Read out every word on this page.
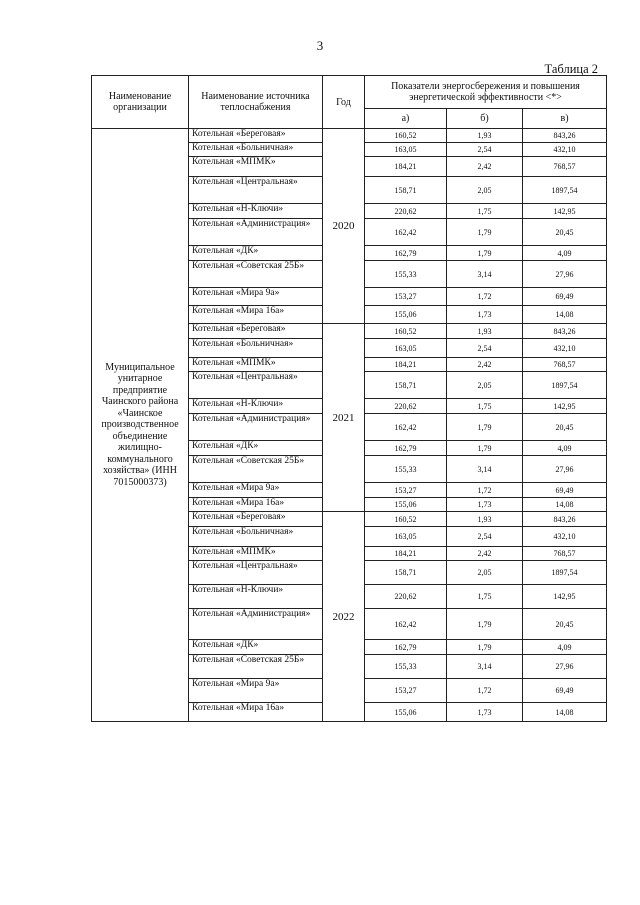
3
Таблица 2
Наименование организации	Наименование источника теплоснабжения	Год	Показатели энергосбережения и повышения энергетической эффективности <*>		
			а)	б)	в)
Муниципальное унитарное предприятие Чаинского района «Чаинское производственное объединение жилищно-коммунального хозяйства» (ИНН 7015000373)	Котельная «Береговая»	2020	160,52	1,93	843,26
	Котельная «Больничная»		163,05	2,54	432,10
	Котельная «МПМК»		184,21	2,42	768,57
	Котельная «Центральная»		158,71	2,05	1897,54
	Котельная «Н-Ключи»		220,62	1,75	142,95
	Котельная «Администрация»		162,42	1,79	20,45
	Котельная «ДК»		162,79	1,79	4,09
	Котельная «Советская 25Б»		155,33	3,14	27,96
	Котельная «Мира 9а»		153,27	1,72	69,49
	Котельная «Мира 16а»		155,06	1,73	14,08
	Котельная «Береговая»	2021	160,52	1,93	843,26
	Котельная «Больничная»		163,05	2,54	432,10
	Котельная «МПМК»		184,21	2,42	768,57
	Котельная «Центральная»		158,71	2,05	1897,54
	Котельная «Н-Ключи»		220,62	1,75	142,95
	Котельная «Администрация»		162,42	1,79	20,45
	Котельная «ДК»		162,79	1,79	4,09
	Котельная «Советская 25Б»		155,33	3,14	27,96
	Котельная «Мира 9а»		153,27	1,72	69,49
	Котельная «Мира 16а»		155,06	1,73	14,08
	Котельная «Береговая»	2022	160,52	1,93	843,26
	Котельная «Больничная»		163,05	2,54	432,10
	Котельная «МПМК»		184,21	2,42	768,57
	Котельная «Центральная»		158,71	2,05	1897,54
	Котельная «Н-Ключи»		220,62	1,75	142,95
	Котельная «Администрация»		162,42	1,79	20,45
	Котельная «ДК»		162,79	1,79	4,09
	Котельная «Советская 25Б»		155,33	3,14	27,96
	Котельная «Мира 9а»		153,27	1,72	69,49
	Котельная «Мира 16а»		155,06	1,73	14,08
